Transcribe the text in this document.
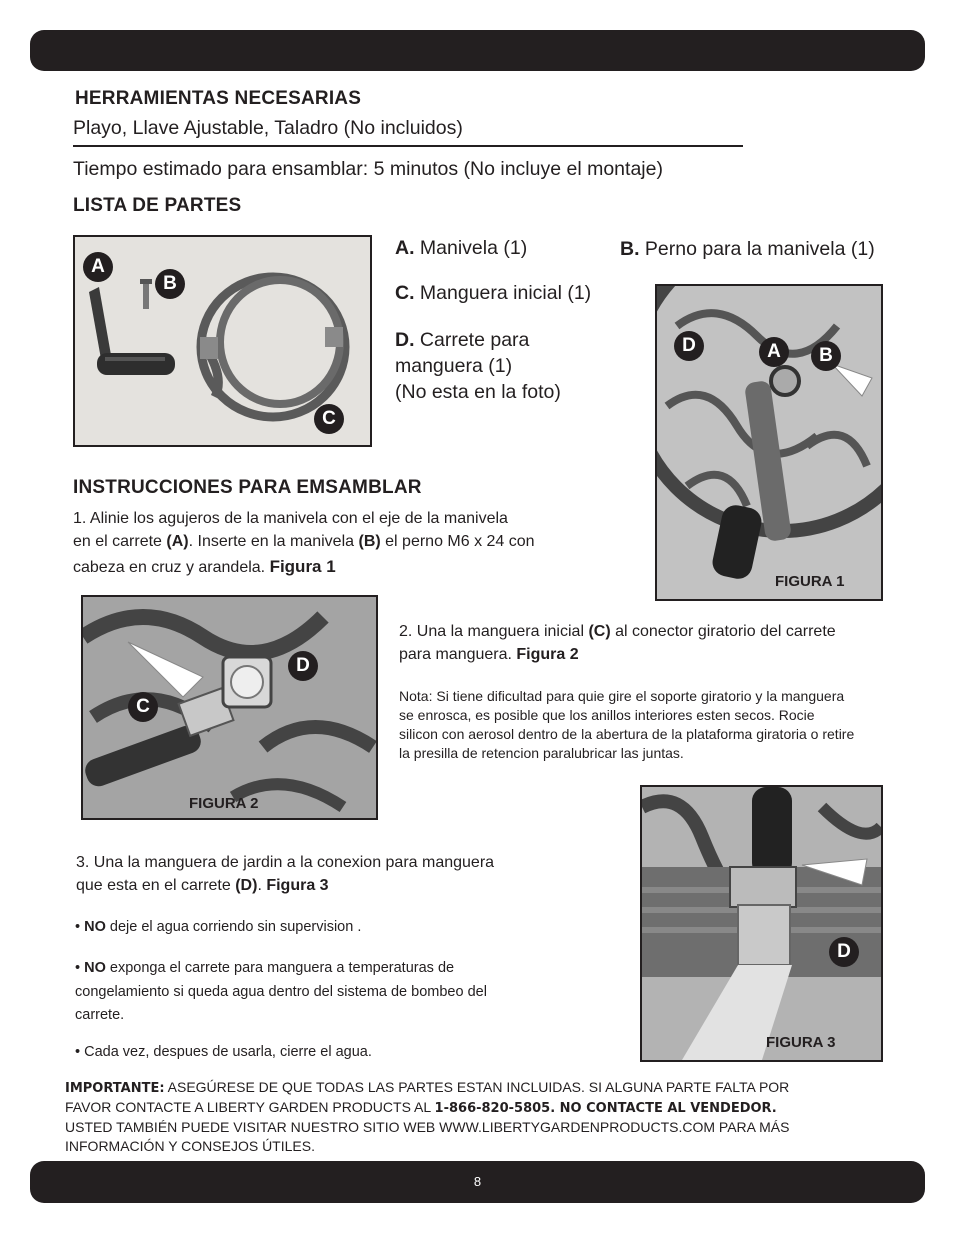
HERRAMIENTAS NECESARIAS
Playo, Llave Ajustable, Taladro (No incluidos)
Tiempo estimado para ensamblar: 5 minutos (No incluye el montaje)
LISTA DE PARTES
A
B
C
A. Manivela (1)	B. Perno para la manivela (1)
C. Manguera inicial (1)
D. Carrete para
manguera (1)
(No esta en la foto)
D	A	B
FIGURA 1
INSTRUCCIONES PARA EMSAMBLAR
1. Alinie los agujeros de la manivela con el eje de la manivela
en el carrete (A). Inserte en la manivela (B) el perno M6 x 24 con
cabeza en cruz y arandela. Figura 1
D
C
FIGURA 2
2. Una la manguera inicial (C) al conector giratorio del carrete
para manguera. Figura 2
Nota: Si tiene dificultad para quie gire el soporte giratorio y la manguera
se enrosca, es posible que los anillos interiores esten secos. Rocie
silicon con aerosol dentro de la abertura de la plataforma giratoria o retire
la presilla de retencion paralubricar las juntas.
D
FIGURA 3
3. Una la manguera de jardin a la conexion para manguera
que esta en el carrete (D). Figura 3
• NO deje el agua corriendo sin supervision .
• NO exponga el carrete para manguera a temperaturas de
congelamiento si queda agua dentro del sistema de bombeo del
carrete.
• Cada vez, despues de usarla, cierre el agua.
IMPORTANTE: ASEGÚRESE DE QUE TODAS LAS PARTES ESTAN INCLUIDAS. SI ALGUNA PARTE FALTA POR
FAVOR CONTACTE A LIBERTY GARDEN PRODUCTS AL 1-866-820-5805. NO CONTACTE AL VENDEDOR.
USTED TAMBIÉN PUEDE VISITAR NUESTRO SITIO WEB WWW.LIBERTYGARDENPRODUCTS.COM PARA MÁS
INFORMACIÓN Y CONSEJOS ÚTILES.
8
